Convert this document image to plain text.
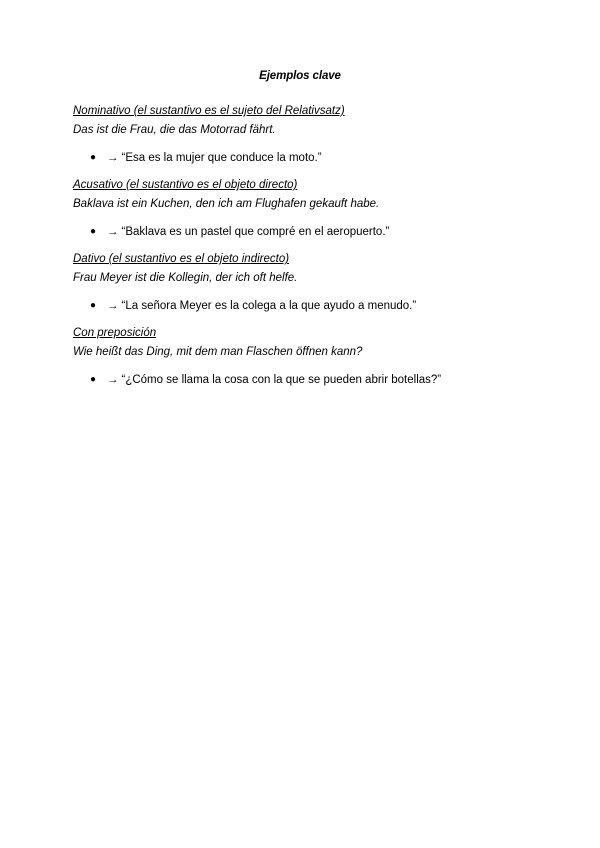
Ejemplos clave
Nominativo (el sustantivo es el sujeto del Relativsatz)
Das ist die Frau, die das Motorrad fährt.
● → “Esa es la mujer que conduce la moto.”
Acusativo (el sustantivo es el objeto directo)
Baklava ist ein Kuchen, den ich am Flughafen gekauft habe.
● → “Baklava es un pastel que compré en el aeropuerto.”
Dativo (el sustantivo es el objeto indirecto)
Frau Meyer ist die Kollegin, der ich oft helfe.
● → “La señora Meyer es la colega a la que ayudo a menudo.”
Con preposición
Wie heißt das Ding, mit dem man Flaschen öffnen kann?
● → “¿Cómo se llama la cosa con la que se pueden abrir botellas?”
